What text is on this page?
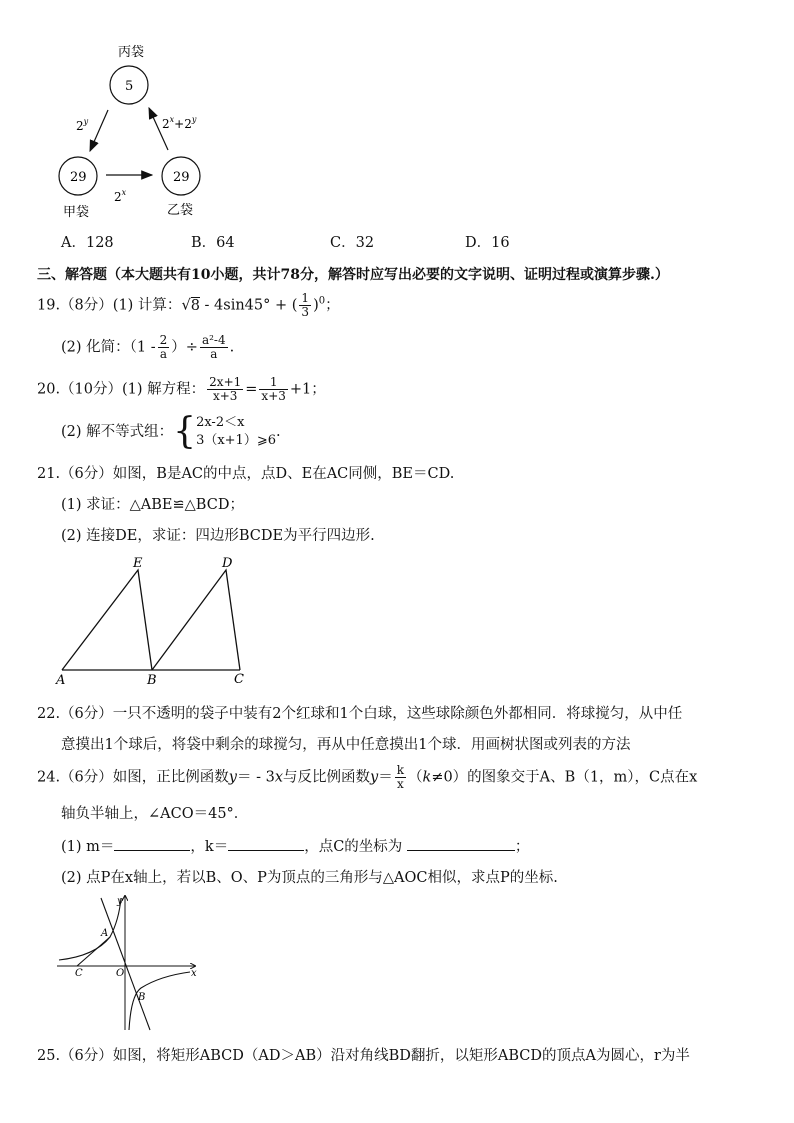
丙袋
5
29
甲袋
29
乙袋
2$^y$
2$^x$
$2^x+2^y$
A．128	B．64	C．32	D．16
三、解答题（本大题共有10小题，共计78分，解答时应写出必要的文字说明、证明过程或演算步骤.）
19.（8分）(1) 计算：√8 - 4sin45° + ( $\frac{1}{3} )^0$；
(2) 化简：（$1 - \frac{2}{a}$ ）÷ $\frac{\text{a²-4}}{a}$ .
20.（10分）(1) 解方程： $\frac{2x+1}{x+3} = \frac{1}{x+3} +1$；
(2) 解不等式组：{ 2x-2＜x
3（x+1）⩾6
.
21.（6分）如图，B是AC的中点，点D、E在AC同侧，BE＝CD.
(1) 求证：△ABE≌△BCD；
(2) 连接DE，求证：四边形BCDE为平行四边形.
E	D
A	B	C
22.（6分）一只不透明的袋子中装有2个红球和1个白球，这些球除颜色外都相同．将球搅匀，从中任
意摸出1个球后，将袋中剩余的球搅匀，再从中任意摸出1个球．用画树状图或列表的方法
24.（6分）如图，正比例函数y＝ - 3x与反比例函数$y= \frac{k}{x} (k\ne 0)$的图象交于A、B（1，m），C点在x
轴负半轴上，∠ACO＝45°．
(1) m＝	，k＝	，点C的坐标为	；
(2) 点P在x轴上，若以B、O、P为顶点的三角形与△AOC相似，求点P的坐标.
x
y
O
A
C
B
25.（6分）如图，将矩形ABCD（AD＞AB）沿对角线BD翻折，以矩形ABCD的顶点A为圆心，r为半
